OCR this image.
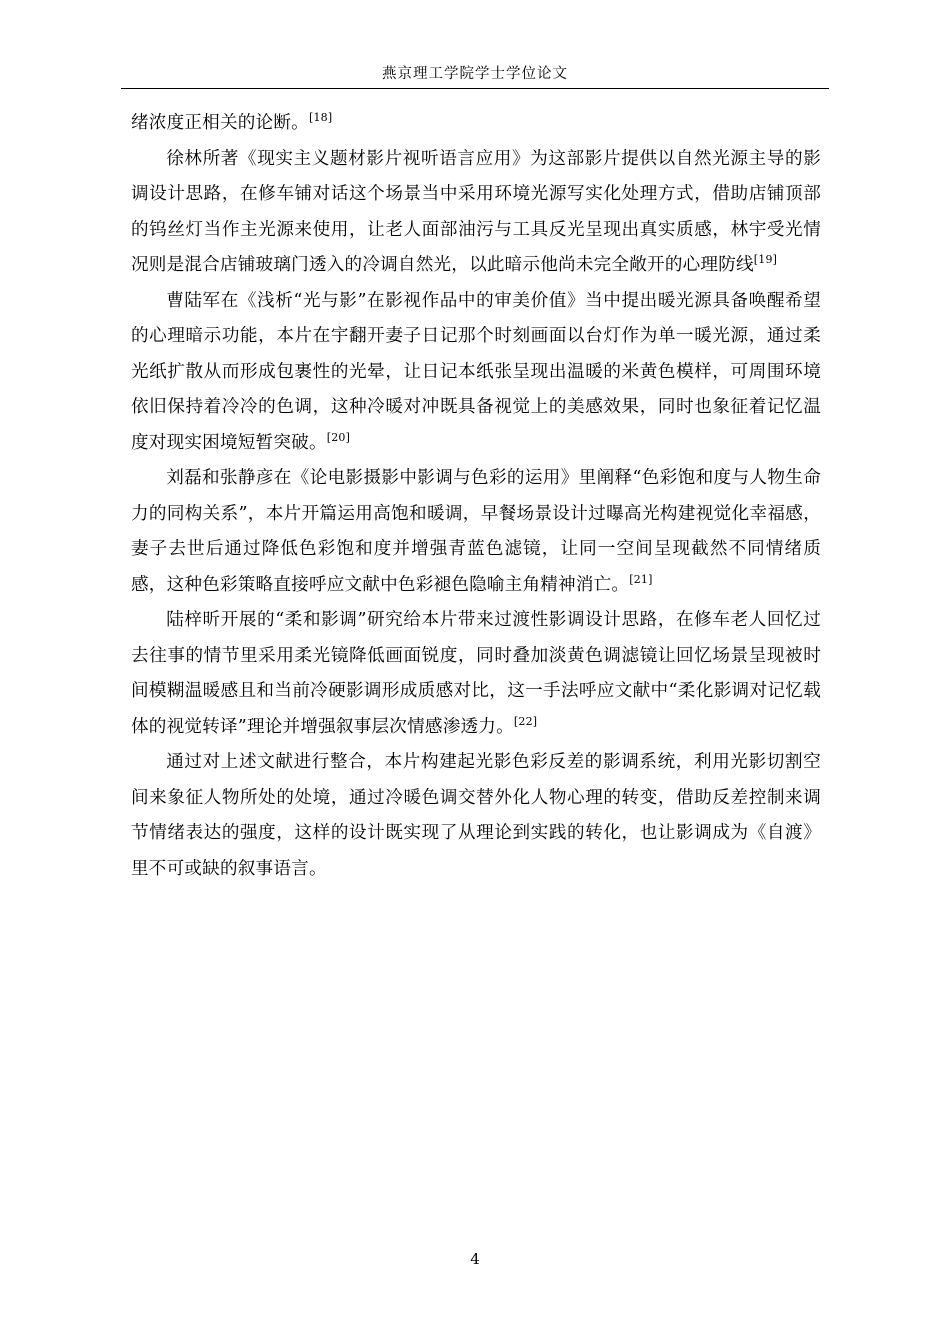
燕京理工学院学士学位论文

绪浓度正相关的论断。[18]

徐林所著《现实主义题材影片视听语言应用》为这部影片提供以自然光源主导的影调设计思路，在修车铺对话这个场景当中采用环境光源写实化处理方式，借助店铺顶部的钨丝灯当作主光源来使用，让老人面部油污与工具反光呈现出真实质感，林宇受光情况则是混合店铺玻璃门透入的冷调自然光，以此暗示他尚未完全敞开的心理防线[19]

曹陆军在《浅析“光与影”在影视作品中的审美价值》当中提出暖光源具备唤醒希望的心理暗示功能，本片在宇翻开妻子日记那个时刻画面以台灯作为单一暖光源，通过柔光纸扩散从而形成包裹性的光晕，让日记本纸张呈现出温暖的米黄色模样，可周围环境依旧保持着冷冷的色调，这种冷暖对冲既具备视觉上的美感效果，同时也象征着记忆温度对现实困境短暂突破。[20]

刘磊和张静彦在《论电影摄影中影调与色彩的运用》里阐释“色彩饱和度与人物生命力的同构关系”，本片开篇运用高饱和暖调，早餐场景设计过曝高光构建视觉化幸福感，妻子去世后通过降低色彩饱和度并增强青蓝色滤镜，让同一空间呈现截然不同情绪质感，这种色彩策略直接呼应文献中色彩褪色隐喻主角精神消亡。[21]

陆梓昕开展的“柔和影调”研究给本片带来过渡性影调设计思路，在修车老人回忆过去往事的情节里采用柔光镜降低画面锐度，同时叠加淡黄色调滤镜让回忆场景呈现被时间模糊温暖感且和当前冷硬影调形成质感对比，这一手法呼应文献中“柔化影调对记忆载体的视觉转译”理论并增强叙事层次情感渗透力。[22]

通过对上述文献进行整合，本片构建起光影色彩反差的影调系统，利用光影切割空间来象征人物所处的处境，通过冷暖色调交替外化人物心理的转变，借助反差控制来调节情绪表达的强度，这样的设计既实现了从理论到实践的转化，也让影调成为《自渡》里不可或缺的叙事语言。

4
